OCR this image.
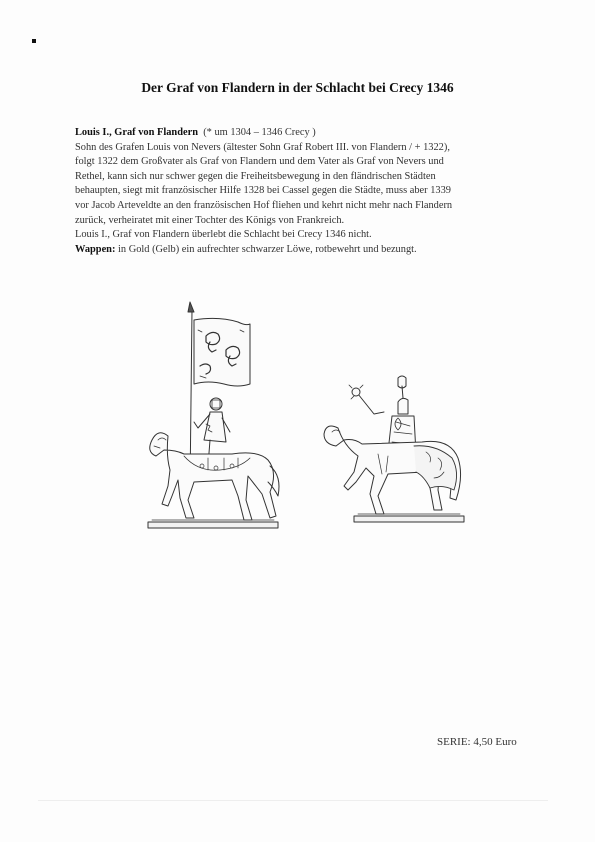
Der Graf von Flandern in der Schlacht bei Crecy 1346

Louis I., Graf von Flandern (* um 1304 – 1346 Crecy )

Sohn des Grafen Louis von Nevers (ältester Sohn Graf Robert III. von Flandern / + 1322),

folgt 1322 dem Großvater als Graf von Flandern und dem Vater als Graf von Nevers und

Rethel, kann sich nur schwer gegen die Freiheitsbewegung in den fländrischen Städten

behaupten, siegt mit französischer Hilfe 1328 bei Cassel gegen die Städte, muss aber 1339

vor Jacob Arteveldte an den französischen Hof fliehen und kehrt nicht mehr nach Flandern

zurück, verheiratet mit einer Tochter des Königs von Frankreich.

Louis I., Graf von Flandern überlebt die Schlacht bei Crecy 1346 nicht.

Wappen: in Gold (Gelb) ein aufrechter schwarzer Löwe, rotbewehrt und bezungt.

SERIE: 4,50 Euro
